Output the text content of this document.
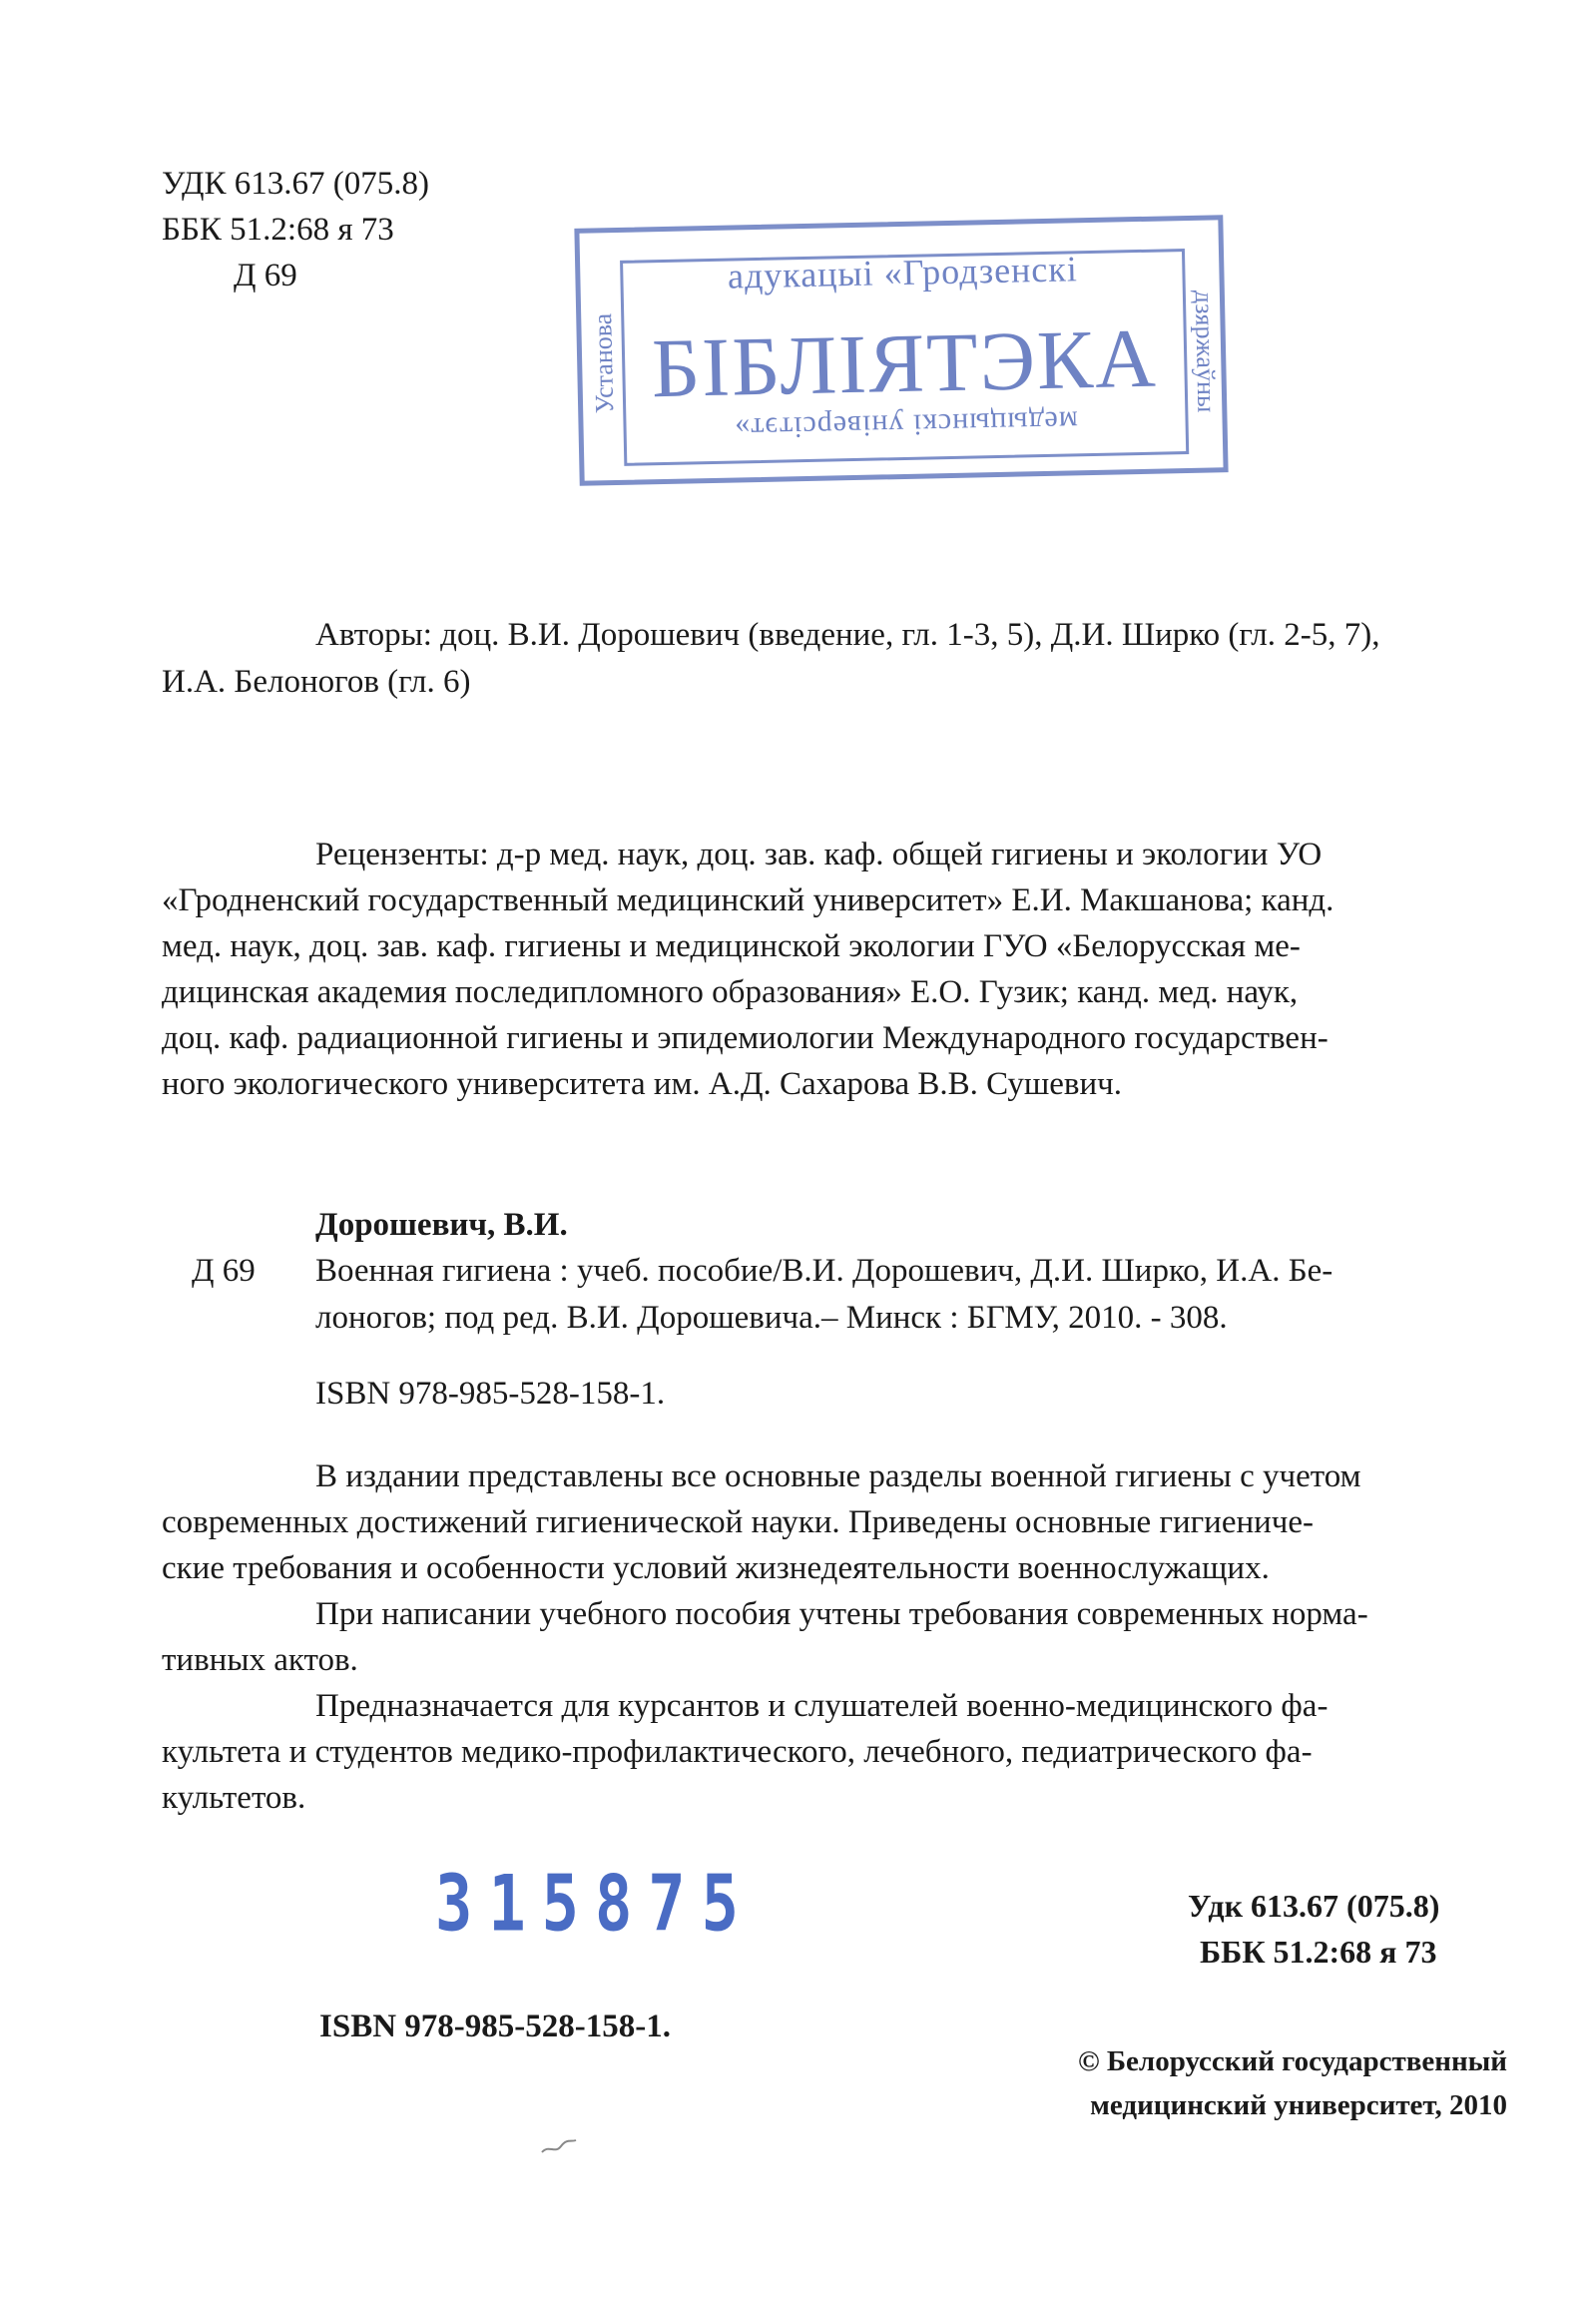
УДК 613.67 (075.8)
ББК 51.2:68 я 73
Д 69	адукацыi «Гродзенскi
БIБЛIЯТЭКА
медыцынскi унiверсiтэт»
Установа	дзяржаўны
Авторы: доц. В.И. Дорошевич (введение, гл. 1-3, 5), Д.И. Ширко (гл. 2-5, 7),
И.А. Белоногов (гл. 6)
Рецензенты: д-р мед. наук, доц. зав. каф. общей гигиены и экологии УО
«Гродненский государственный медицинский университет» Е.И. Макшанова; канд.
мед. наук, доц. зав. каф. гигиены и медицинской экологии ГУО «Белорусская ме-
дицинская академия последипломного образования» Е.О. Гузик; канд. мед. наук,
доц. каф. радиационной гигиены и эпидемиологии Международного государствен-
ного экологического университета им. А.Д. Сахарова В.В. Сушевич.
Дорошевич, В.И.
Д 69 Военная гигиена : учеб. пособие/В.И. Дорошевич, Д.И. Ширко, И.А. Бе-
лоногов; под ред. В.И. Дорошевича.– Минск : БГМУ, 2010. - 308.
ISBN 978-985-528-158-1.
В издании представлены все основные разделы военной гигиены с учетом
современных достижений гигиенической науки. Приведены основные гигиениче-
ские требования и особенности условий жизнедеятельности военнослужащих.
При написании учебного пособия учтены требования современных норма-
тивных актов.
Предназначается для курсантов и слушателей военно-медицинского фа-
культета и студентов медико-профилактического, лечебного, педиатрического фа-
культетов.
315875	Удк 613.67 (075.8)
ББК 51.2:68 я 73
ISBN 978-985-528-158-1.
© Белорусский государственный
медицинский университет, 2010
